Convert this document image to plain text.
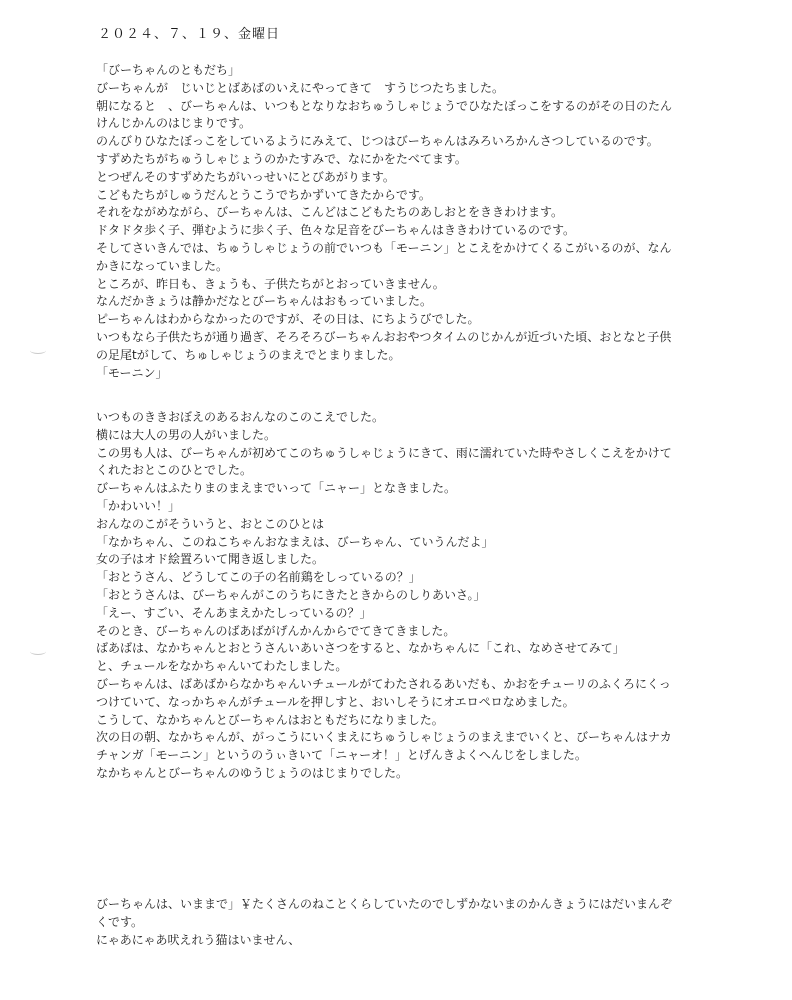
２０２４、７、１９、金曜日
「びーちゃんのともだち」
びーちゃんが　じいじとばあばのいえにやってきて　すうじつたちました。
朝になると　、びーちゃんは、いつもとなりなおちゅうしゃじょうでひなたぼっこをするのがその日のたん
けんじかんのはじまりです。
のんびりひなたぼっこをしているようにみえて、じつはびーちゃんはみろいろかんさつしているのです。
すずめたちがちゅうしゃじょうのかたすみで、なにかをたべてます。
とつぜんそのすずめたちがいっせいにとびあがります。
こどもたちがしゅうだんとうこうでちかずいてきたからです。
それをながめながら、びーちゃんは、こんどはこどもたちのあしおとをききわけます。
ドタドタ歩く子、弾むように歩く子、色々な足音をびーちゃんはききわけているのです。
そしてさいきんでは、ちゅうしゃじょうの前でいつも「モーニン」とこえをかけてくるこがいるのが、なん
かきになっていました。
ところが、昨日も、きょうも、子供たちがとおっていきません。
なんだかきょうは静かだなとびーちゃんはおもっていました。
ピーちゃんはわからなかったのですが、その日は、にちようびでした。
いつもなら子供たちが通り過ぎ、そろそろびーちゃんおおやつタイムのじかんが近づいた頃、おとなと子供
の足尾tがして、ちゅしゃじょうのまえでとまりました。
「モーニン」
いつものききおぼえのあるおんなのこのこえでした。
横には大人の男の人がいました。
この男も人は、びーちゃんが初めてこのちゅうしゃじょうにきて、雨に濡れていた時やさしくこえをかけて
くれたおとこのひとでした。
びーちゃんはふたりまのまえまでいって「ニャー」となきました。
「かわいい！」
おんなのこがそういうと、おとこのひとは
「なかちゃん、このねこちゃんおなまえは、びーちゃん、ていうんだよ」
女の子はオド絵置ろいて聞き返しました。
「おとうさん、どうしてこの子の名前鶏をしっているの？」
「おとうさんは、びーちゃんがこのうちにきたときからのしりあいさ。」
「えー、すごい、そんあまえかたしっているの？」
そのとき、びーちゃんのばあばがげんかんからでてきてきました。
ばあばは、なかちゃんとおとうさんいあいさつをすると、なかちゃんに「これ、なめさせてみて」
と、チュールをなかちゃんいてわたしました。
びーちゃんは、ばあばからなかちゃんいチュールがてわたされるあいだも、かおをチューリのふくろにくっ
つけていて、なっかちゃんがチュールを押しすと、おいしそうにオエロペロなめました。
こうして、なかちゃんとびーちゃんはおともだちになりました。
次の日の朝、なかちゃんが、がっこうにいくまえにちゅうしゃじょうのまえまでいくと、びーちゃんはナカ
チャンガ「モーニン」というのうぃきいて「ニャーオ！」とげんきよくへんじをしました。
なかちゃんとびーちゃんのゆうじょうのはじまりでした。
びーちゃんは、いままで」￥たくさんのねことくらしていたのでしずかないまのかんきょうにはだいまんぞ
くです。
にゃあにゃあ吠えれう猫はいません、
